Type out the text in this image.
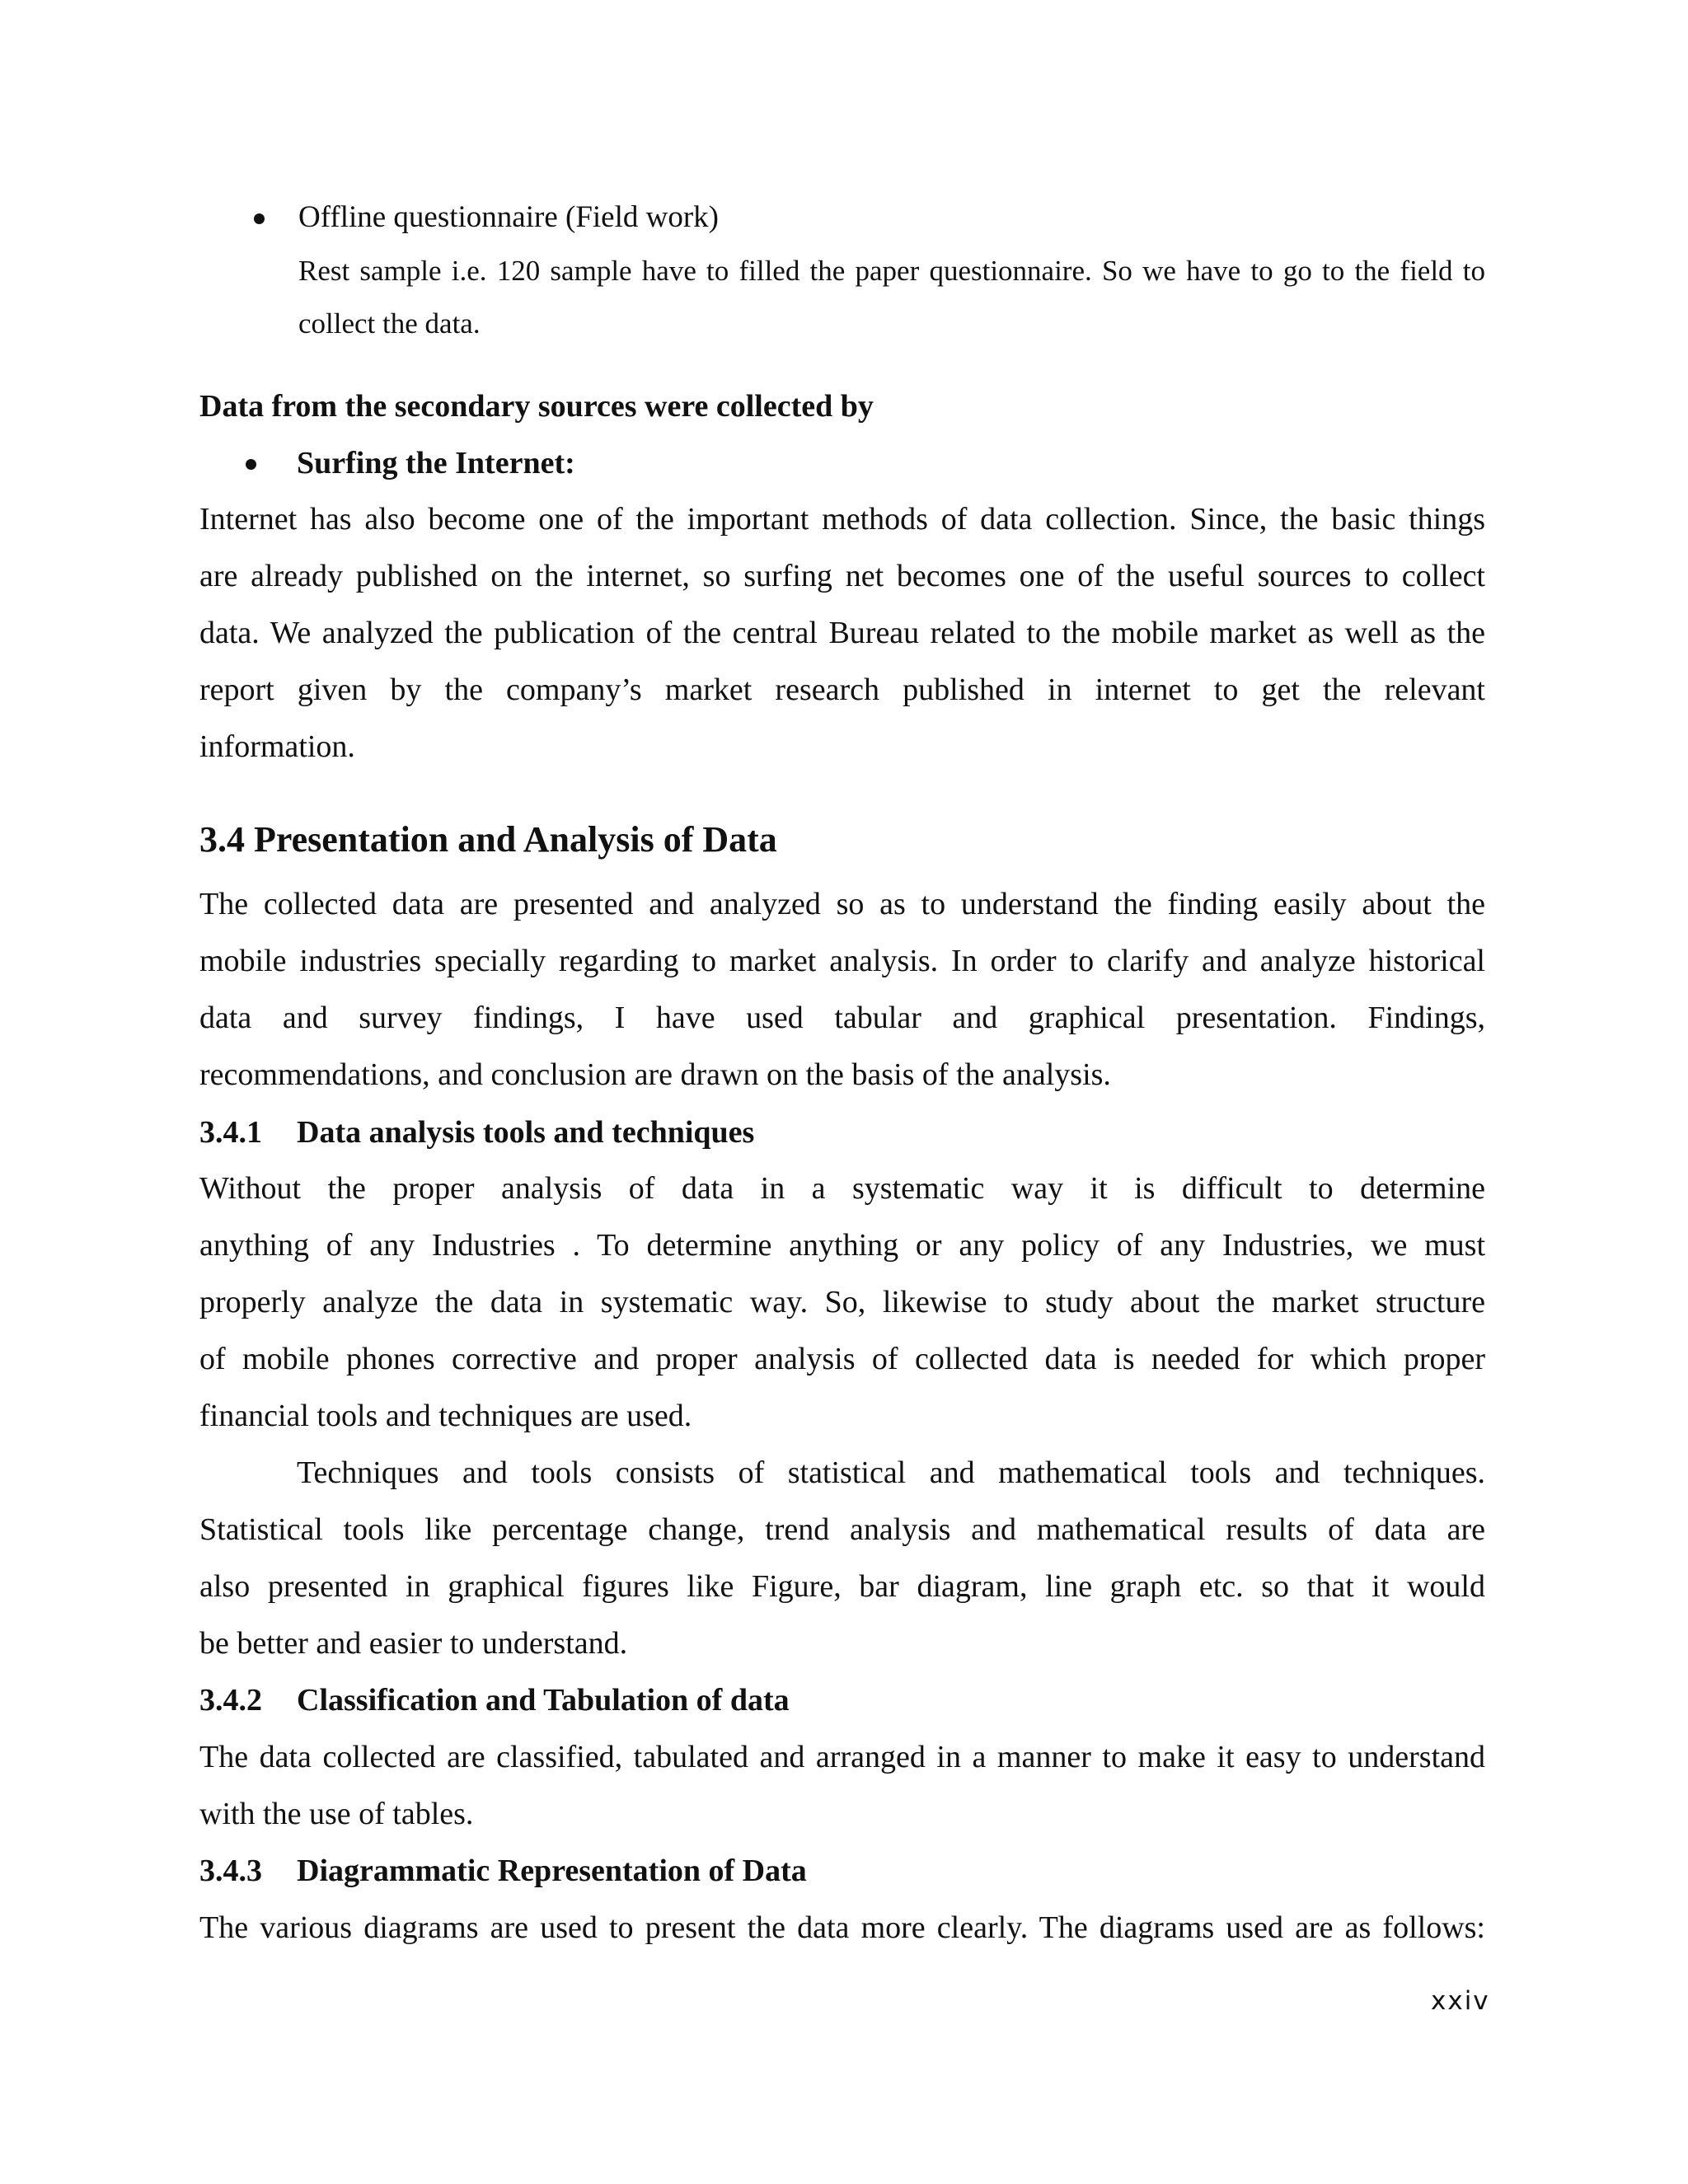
Offline questionnaire (Field work)
Rest sample i.e. 120 sample have to filled the paper questionnaire. So we have to go to the field to
collect the data.
Data from the secondary sources were collected by
Surfing the Internet:
Internet has also become one of the important methods of data collection. Since, the basic things
are already published on the internet, so surfing net becomes one of the useful sources to collect
data. We analyzed the publication of the central Bureau related to the mobile market as well as the
report given by the company’s market research published in internet to get the relevant
information.
3.4 Presentation and Analysis of Data
The collected data are presented and analyzed so as to understand the finding easily about the
mobile industries specially regarding to market analysis. In order to clarify and analyze historical
data and survey findings, I have used tabular and graphical presentation. Findings,
recommendations, and conclusion are drawn on the basis of the analysis.
3.4.1 Data analysis tools and techniques
Without the proper analysis of data in a systematic way it is difficult to determine
anything of any Industries . To determine anything or any policy of any Industries, we must
properly analyze the data in systematic way. So, likewise to study about the market structure
of mobile phones corrective and proper analysis of collected data is needed for which proper
financial tools and techniques are used.
Techniques and tools consists of statistical and mathematical tools and techniques.
Statistical tools like percentage change, trend analysis and mathematical results of data are
also presented in graphical figures like Figure, bar diagram, line graph etc. so that it would
be better and easier to understand.
3.4.2 Classification and Tabulation of data
The data collected are classified, tabulated and arranged in a manner to make it easy to understand
with the use of tables.
3.4.3 Diagrammatic Representation of Data
The various diagrams are used to present the data more clearly. The diagrams used are as follows:
xxiv
